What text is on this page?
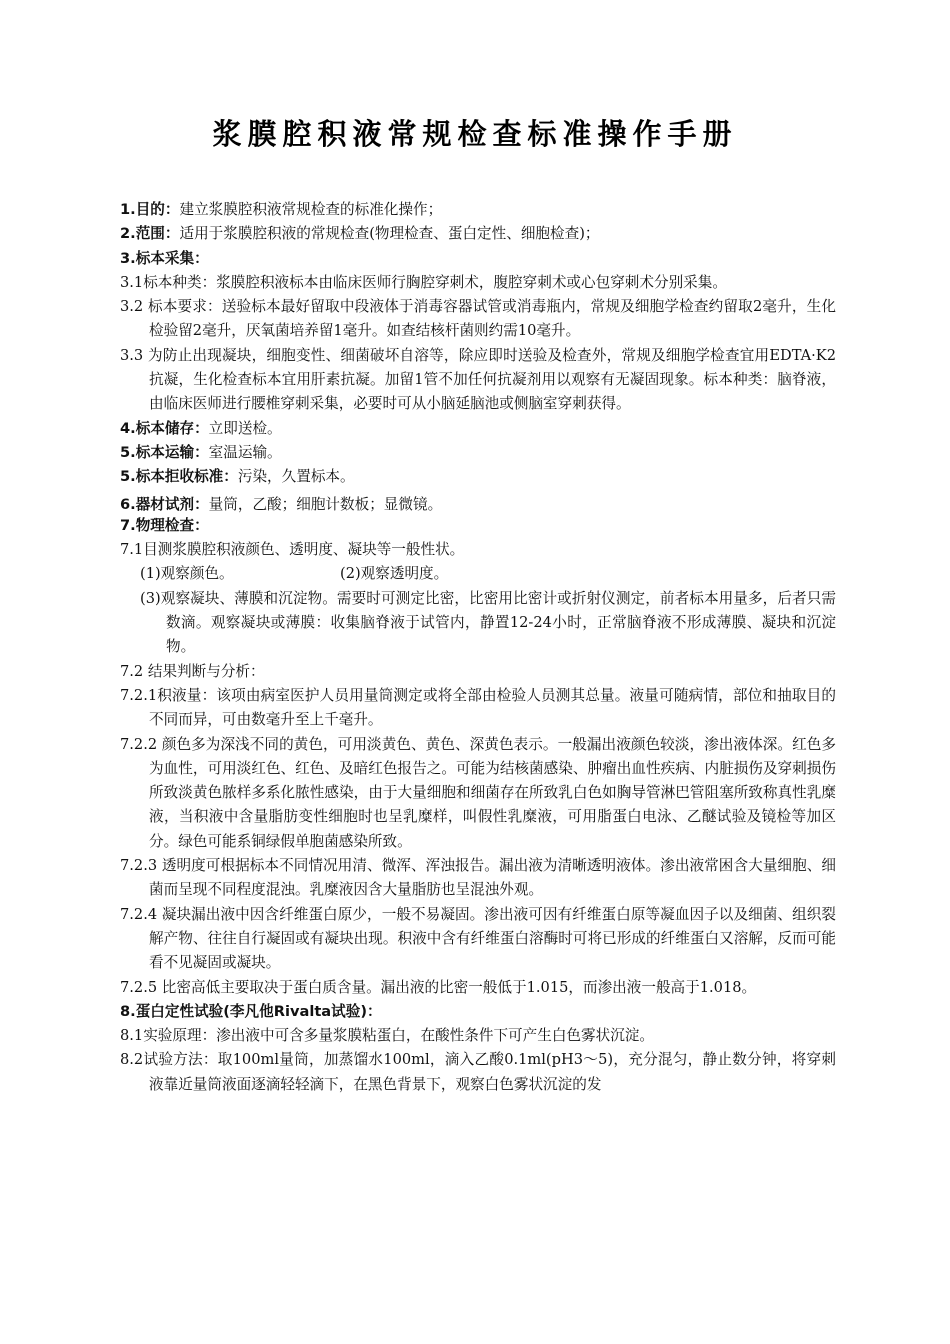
浆膜腔积液常规检查标准操作手册
1.目的：建立浆膜腔积液常规检查的标准化操作；
2.范围：适用于浆膜腔积液的常规检查(物理检查、蛋白定性、细胞检查)；
3.标本采集：
3.1标本种类：浆膜腔积液标本由临床医师行胸腔穿刺术，腹腔穿刺术或心包穿刺术分别采集。
3.2 标本要求：送验标本最好留取中段液体于消毒容器试管或消毒瓶内，常规及细胞学检查约留取2毫升，生化检验留2毫升，厌氧菌培养留1毫升。如查结核杆菌则约需10毫升。
3.3 为防止出现凝块，细胞变性、细菌破坏自溶等，除应即时送验及检查外，常规及细胞学检查宜用EDTA·K2抗凝，生化检查标本宜用肝素抗凝。加留1管不加任何抗凝剂用以观察有无凝固现象。标本种类：脑脊液，由临床医师进行腰椎穿刺采集，必要时可从小脑延脑池或侧脑室穿刺获得。
4.标本储存：立即送检。
5.标本运输：室温运输。
5.标本拒收标准：污染，久置标本。
6.器材试剂：量筒，乙酸；细胞计数板；显微镜。
7.物理检查：
7.1目测浆膜腔积液颜色、透明度、凝块等一般性状。
(1)观察颜色。	(2)观察透明度。
(3)观察凝块、薄膜和沉淀物。需要时可测定比密，比密用比密计或折射仪测定，前者标本用量多，后者只需数滴。观察凝块或薄膜：收集脑脊液于试管内，静置12-24小时，正常脑脊液不形成薄膜、凝块和沉淀物。
7.2 结果判断与分析：
7.2.1积液量：该项由病室医护人员用量筒测定或将全部由检验人员测其总量。液量可随病情，部位和抽取目的不同而异，可由数毫升至上千毫升。
7.2.2 颜色多为深浅不同的黄色，可用淡黄色、黄色、深黄色表示。一般漏出液颜色较淡，渗出液体深。红色多为血性，可用淡红色、红色、及暗红色报告之。可能为结核菌感染、肿瘤出血性疾病、内脏损伤及穿刺损伤所致淡黄色脓样多系化脓性感染，由于大量细胞和细菌存在所致乳白色如胸导管淋巴管阻塞所致称真性乳糜液，当积液中含量脂肪变性细胞时也呈乳糜样，叫假性乳糜液，可用脂蛋白电泳、乙醚试验及镜检等加区分。绿色可能系铜绿假单胞菌感染所致。
7.2.3 透明度可根据标本不同情况用清、微浑、浑浊报告。漏出液为清晰透明液体。渗出液常困含大量细胞、细菌而呈现不同程度混浊。乳糜液因含大量脂肪也呈混浊外观。
7.2.4 凝块漏出液中因含纤维蛋白原少，一般不易凝固。渗出液可因有纤维蛋白原等凝血因子以及细菌、组织裂解产物、往往自行凝固或有凝块出现。积液中含有纤维蛋白溶酶时可将已形成的纤维蛋白又溶解，反而可能看不见凝固或凝块。
7.2.5 比密高低主要取决于蛋白质含量。漏出液的比密一般低于1.015，而渗出液一般高于1.018。
8.蛋白定性试验(李凡他Rivalta试验)：
8.1实验原理：渗出液中可含多量浆膜粘蛋白，在酸性条件下可产生白色雾状沉淀。
8.2试验方法：取100ml量筒，加蒸馏水100ml，滴入乙酸0.1ml(pH3～5)，充分混匀，静止数分钟，将穿刺液靠近量筒液面逐滴轻轻滴下，在黑色背景下，观察白色雾状沉淀的发
